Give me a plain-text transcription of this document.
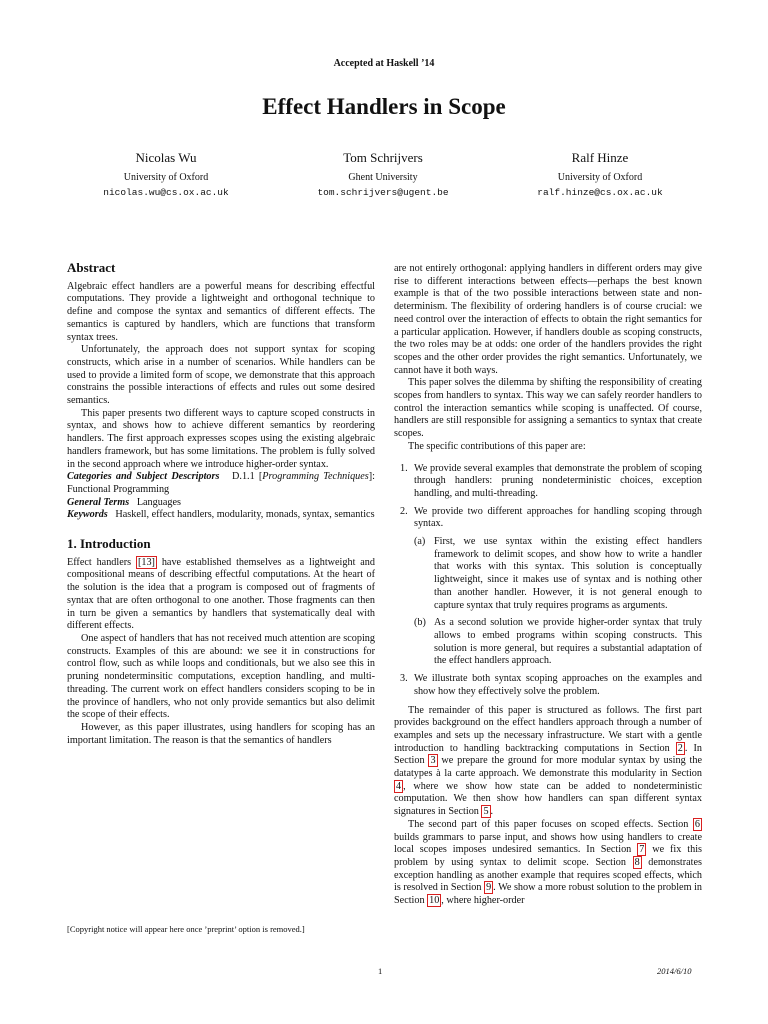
Accepted at Haskell ’14
Effect Handlers in Scope
Nicolas Wu
University of Oxford
nicolas.wu@cs.ox.ac.uk
Tom Schrijvers
Ghent University
tom.schrijvers@ugent.be
Ralf Hinze
University of Oxford
ralf.hinze@cs.ox.ac.uk
Abstract

Algebraic effect handlers are a powerful means for describing effectful computations. They provide a lightweight and orthogonal technique to define and compose the syntax and semantics of different effects. The semantics is captured by handlers, which are functions that transform syntax trees.

Unfortunately, the approach does not support syntax for scoping constructs, which arise in a number of scenarios. While handlers can be used to provide a limited form of scope, we demonstrate that this approach constrains the possible interactions of effects and rules out some desired semantics.

This paper presents two different ways to capture scoped constructs in syntax, and shows how to achieve different semantics by reordering handlers. The first approach expresses scopes using the existing algebraic handlers framework, but has some limitations. The problem is fully solved in the second approach where we introduce higher-order syntax.

Categories and Subject Descriptors D.1.1 [Programming Techniques]: Functional Programming

General Terms Languages

Keywords Haskell, effect handlers, modularity, monads, syntax, semantics

1. Introduction

Effect handlers [13] have established themselves as a lightweight and compositional means of describing effectful computations. At the heart of the solution is the idea that a program is composed out of fragments of syntax that are often orthogonal to one another. Those fragments can then in turn be given a semantics by handlers that systematically deal with different effects.

One aspect of handlers that has not received much attention are scoping constructs. Examples of this are abound: we see it in constructions for control flow, such as while loops and conditionals, but we also see this in pruning nondeterminsitic computations, exception handling, and multi-threading. The current work on effect handlers considers scoping to be in the province of handlers, who not only provide semantics but also delimit the scope of their effects.

However, as this paper illustrates, using handlers for scoping has an important limitation. The reason is that the semantics of handlers

are not entirely orthogonal: applying handlers in different orders may give rise to different interactions between effects—perhaps the best known example is that of the two possible interactions between state and non-determinism. The flexibility of ordering handlers is of course crucial: we need control over the interaction of effects to obtain the right semantics for a particular application. However, if handlers double as scoping constructs, the two roles may be at odds: one order of the handlers provides the right scopes and the other order provides the right semantics. Unfortunately, we cannot have it both ways.

This paper solves the dilemma by shifting the responsibility of creating scopes from handlers to syntax. This way we can safely reorder handlers to control the interaction semantics while scoping is unaffected. Of course, handlers are still responsible for assigning a semantics to syntax that create scopes.

The specific contributions of this paper are:

1. We provide several examples that demonstrate the problem of scoping through handlers: pruning nondeterministic choices, exception handling, and multi-threading.
2. We provide two different approaches for handling scoping through syntax.
(a) First, we use syntax within the existing effect handlers framework to delimit scopes, and show how to write a handler that works with this syntax. This solution is conceptually lightweight, since it makes use of syntax and is nothing other than another handler. However, it is not general enough to capture syntax that truly requires programs as arguments.
(b) As a second solution we provide higher-order syntax that truly allows to embed programs within scoping constructs. This solution is more general, but requires a substantial adaptation of the effect handlers approach.
3. We illustrate both syntax scoping approaches on the examples and show how they effectively solve the problem.

The remainder of this paper is structured as follows. The first part provides background on the effect handlers approach through a number of examples and sets up the necessary infrastructure. We start with a gentle introduction to handling backtracking computations in Section 2 . In Section 3 we prepare the ground for more modular syntax by using the datatypes à la carte approach. We demonstrate this modularity in Section 4 , where we show how state can be added to nondeterministic computation. We then show how handlers can span different syntax signatures in Section 5 .

The second part of this paper focuses on scoped effects. Section 6 builds grammars to parse input, and shows how using handlers to create local scopes imposes undesired semantics. In Section 7 we fix this problem by using syntax to delimit scope. Section 8 demonstrates exception handling as another example that requires scoped effects, which is resolved in Section 9 . We show a more robust solution to the problem in Section 10 , where higher-order

[Copyright notice will appear here once ’preprint’ option is removed.]
1	2014/6/10
